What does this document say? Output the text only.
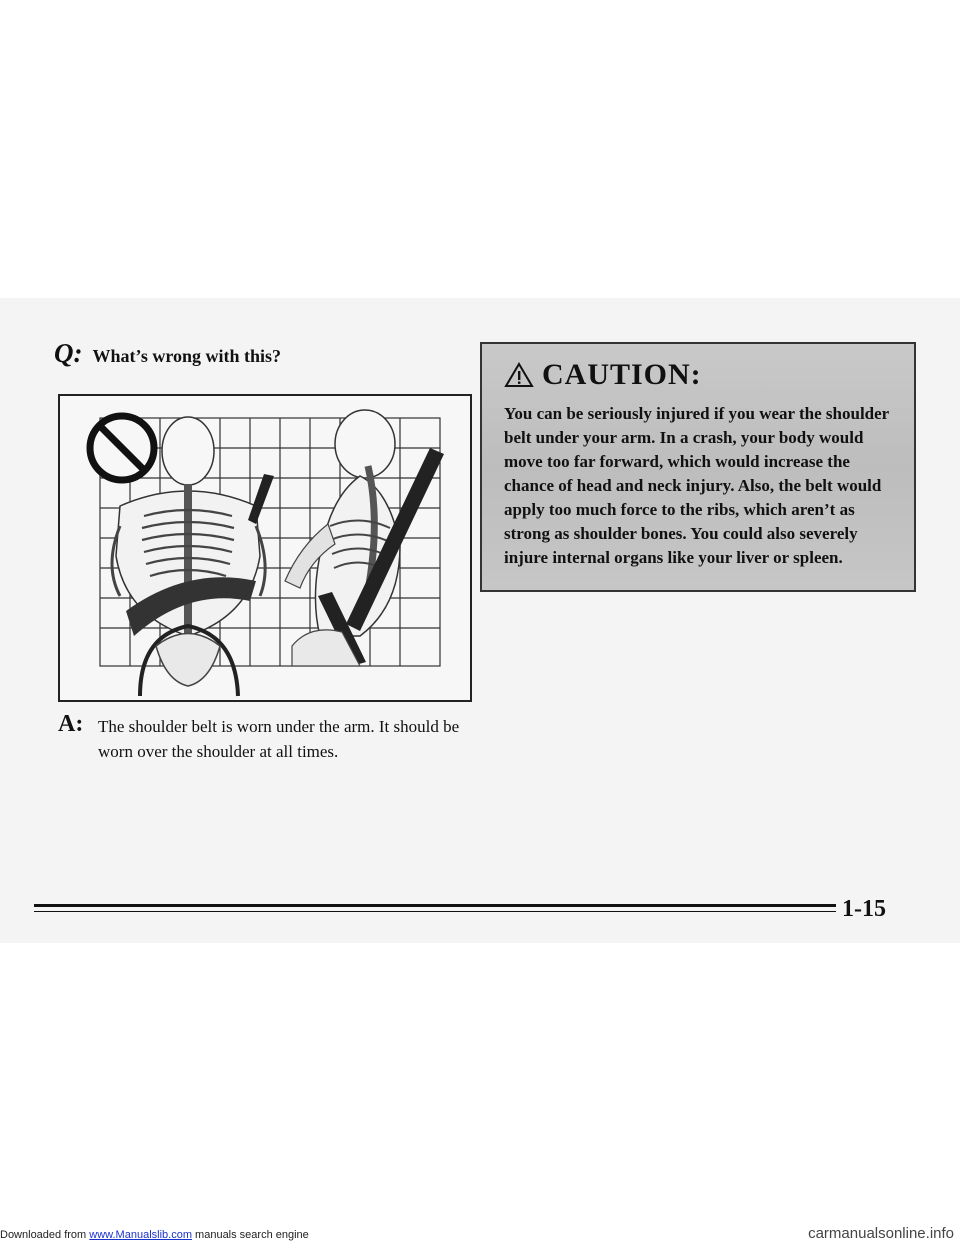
Q: What’s wrong with this?
A: The shoulder belt is worn under the arm. It should be worn over the shoulder at all times.
CAUTION:

You can be seriously injured if you wear the shoulder belt under your arm. In a crash, your body would move too far forward, which would increase the chance of head and neck injury. Also, the belt would apply too much force to the ribs, which aren’t as strong as shoulder bones. You could also severely injure internal organs like your liver or spleen.

1-15
Downloaded from www.Manualslib.com manuals search engine	carmanualsonline.info
